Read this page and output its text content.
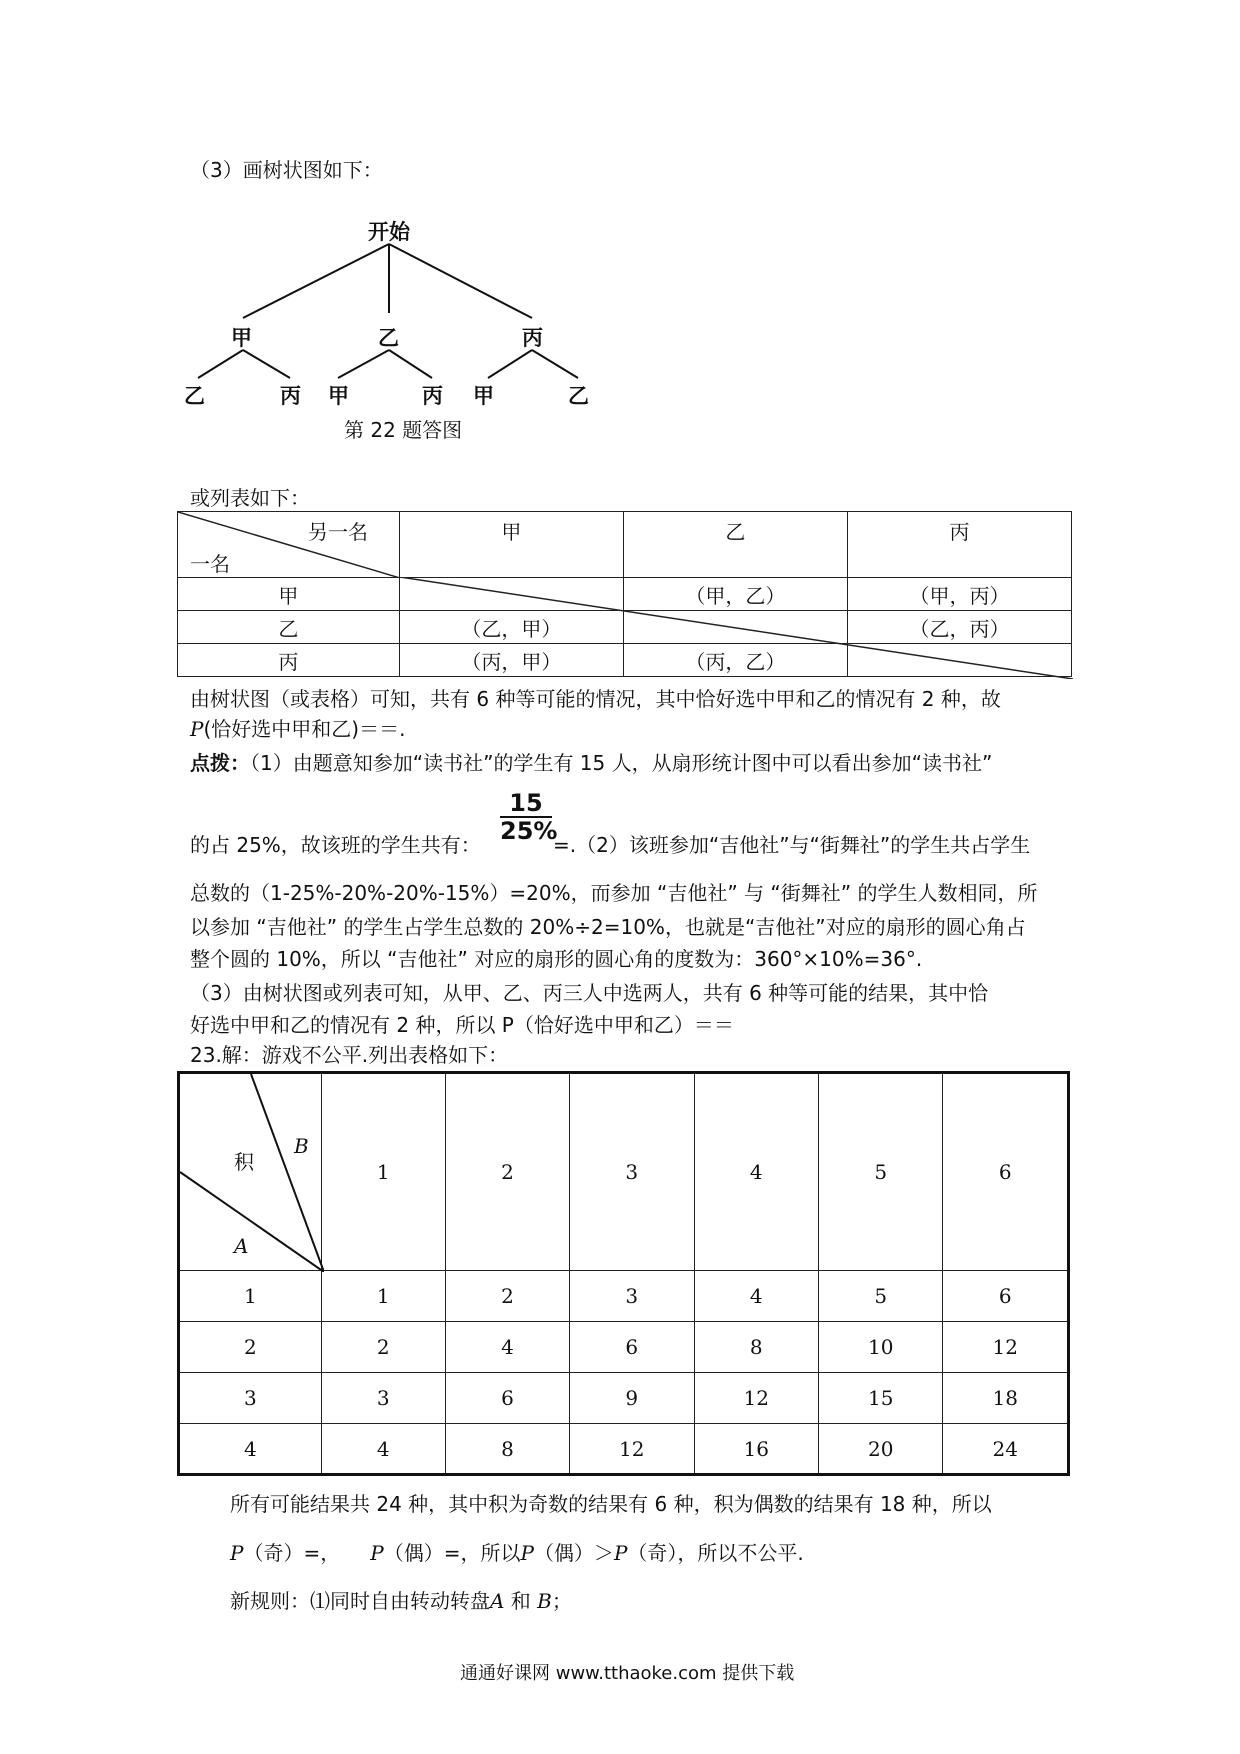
（3）画树状图如下：
开始
甲	乙	丙
乙	丙 甲	丙 甲	乙
第 22 题答图
或列表如下：
另一名
一名	甲	乙	丙
甲		（甲，乙）	（甲，丙）
乙	（乙，甲）		（乙，丙）
丙	（丙，甲）	（丙，乙）	
由树状图（或表格）可知，共有 6 种等可能的情况，其中恰好选中甲和乙的情况有 2 种，故
P(恰好选中甲和乙)＝＝.
点拨：（1）由题意知参加“读书社”的学生有 15 人，从扇形统计图中可以看出参加“读书社”
$\frac{15}{25\%}$
的占 25%，故该班的学生共有：	=.（2）该班参加“吉他社”与“街舞社”的学生共占学生
总数的（1-25%-20%-20%-15%）=20%，而参加 “吉他社” 与 “街舞社” 的学生人数相同，所
以参加 “吉他社” 的学生占学生总数的 20%÷2=10%，也就是“吉他社”对应的扇形的圆心角占
整个圆的 10%，所以 “吉他社” 对应的扇形的圆心角的度数为：360°×10%=36°.
（3）由树状图或列表可知，从甲、乙、丙三人中选两人，共有 6 种等可能的结果，其中恰
好选中甲和乙的情况有 2 种，所以 P（恰好选中甲和乙）＝＝
23.解：游戏不公平.列出表格如下：
积
B
A	1	2	3	4	5	6
1	1	2	3	4	5	6
2	2	4	6	8	10	12
3	3	6	9	12	15	18
4	4	8	12	16	20	24
所有可能结果共 24 种，其中积为奇数的结果有 6 种，积为偶数的结果有 18 种，所以
P（奇）=， P（偶）=，所以P（偶）＞P（奇），所以不公平.
新规则：⑴同时自由转动转盘A 和 B；
通通好课网 www.tthaoke.com 提供下载
